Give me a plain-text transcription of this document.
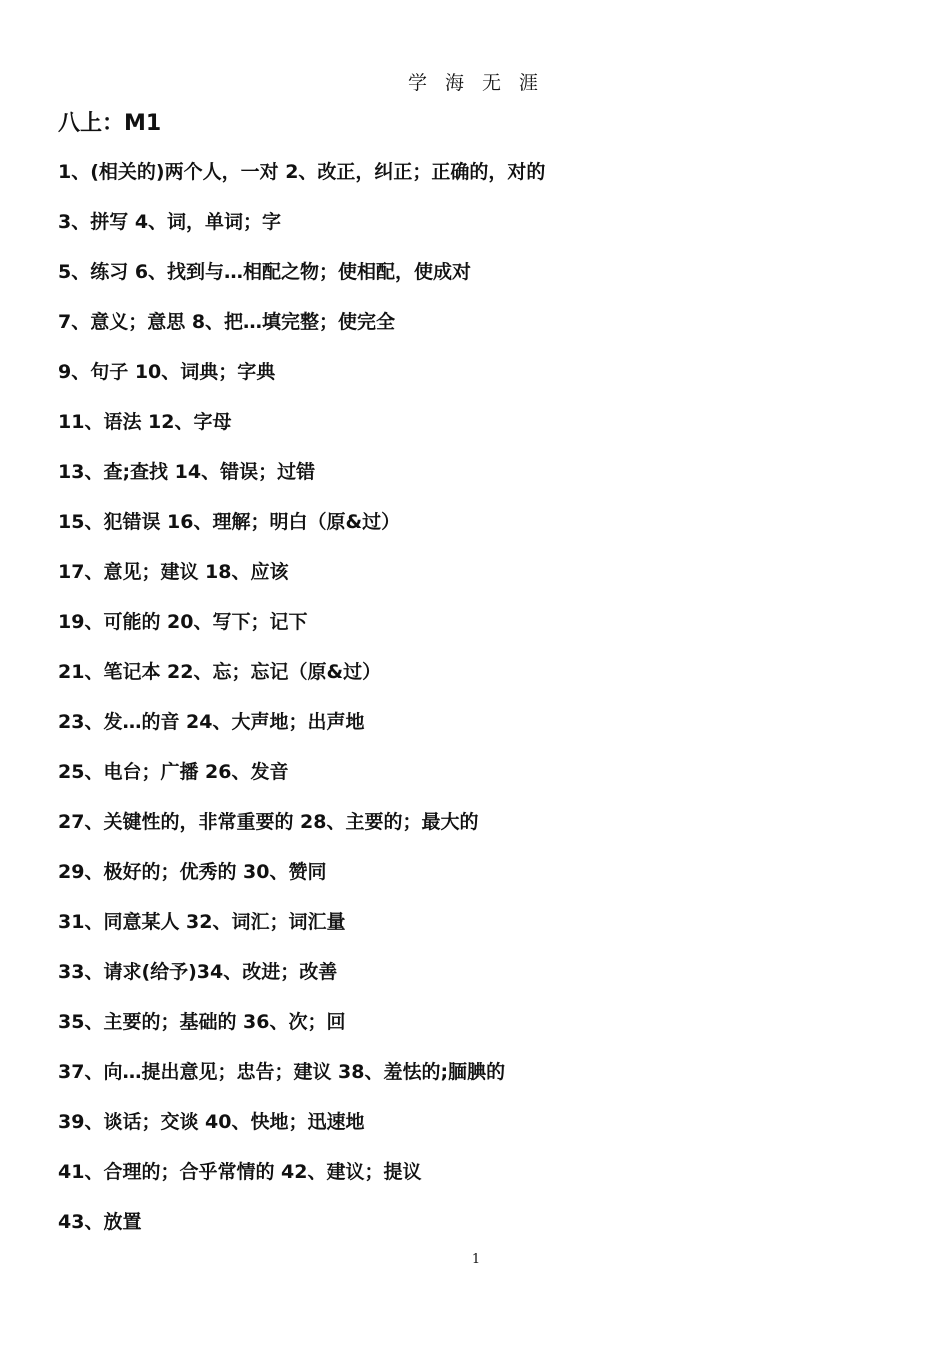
学 海 无 涯
八上：M1
1、(相关的)两个人，一对 2、改正，纠正；正确的，对的
3、拼写 4、词，单词；字
5、练习 6、找到与…相配之物；使相配，使成对
7、意义；意思 8、把…填完整；使完全
9、句子 10、词典；字典
11、语法 12、字母
13、查;查找 14、错误；过错
15、犯错误 16、理解；明白（原&过）
17、意见；建议 18、应该
19、可能的 20、写下；记下
21、笔记本 22、忘；忘记（原&过）
23、发…的音 24、大声地；出声地
25、电台；广播 26、发音
27、关键性的，非常重要的 28、主要的；最大的
29、极好的；优秀的 30、赞同
31、同意某人 32、词汇；词汇量
33、请求(给予)34、改进；改善
35、主要的；基础的 36、次；回
37、向…提出意见；忠告；建议 38、羞怯的;腼腆的
39、谈话；交谈 40、快地；迅速地
41、合理的；合乎常情的 42、建议；提议
43、放置
1
